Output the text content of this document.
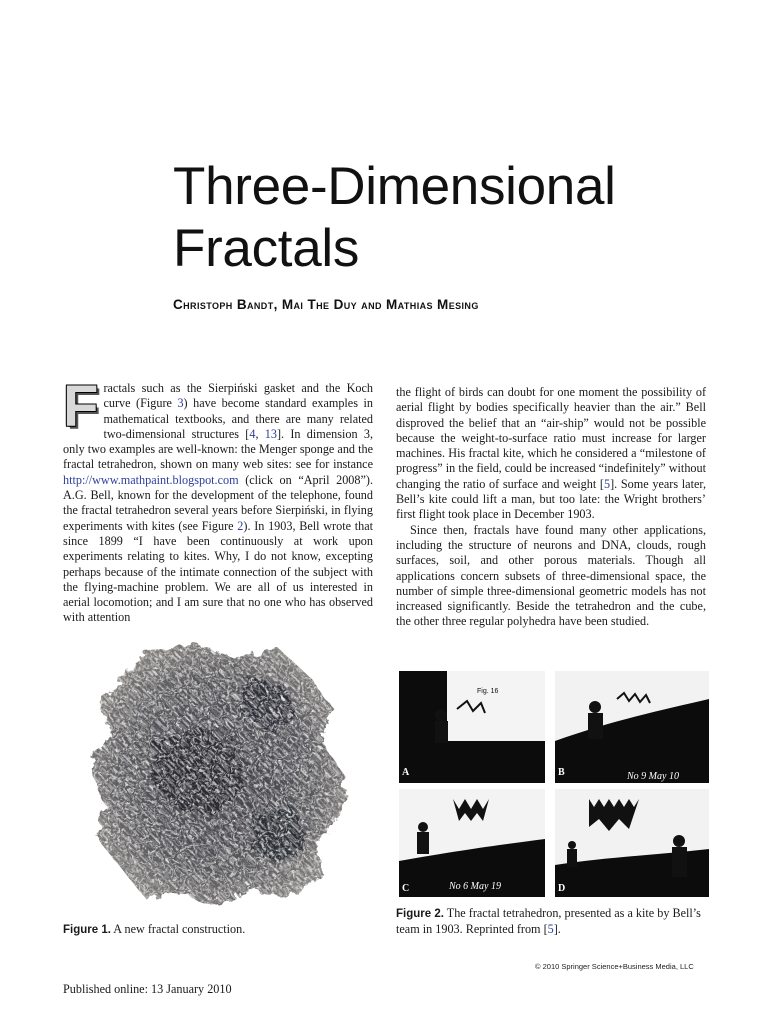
Three-Dimensional
Fractals
Christoph Bandt, Mai The Duy and Mathias Mesing

Fractals such as the Sierpiński gasket and the Koch curve (Figure 3) have become standard examples in mathematical textbooks, and there are many related two-dimensional structures [4, 13]. In dimension 3, only two examples are well-known: the Menger sponge and the fractal tetrahedron, shown on many web sites: see for instance http://www.mathpaint.blogspot.com (click on “April 2008”). A.G. Bell, known for the development of the telephone, found the fractal tetrahedron several years before Sierpiński, in flying experiments with kites (see Figure 2). In 1903, Bell wrote that since 1899 “I have been continuously at work upon experiments relating to kites. Why, I do not know, excepting perhaps because of the intimate connection of the subject with the flying-machine problem. We are all of us interested in aerial locomotion; and I am sure that no one who has observed with attention

the flight of birds can doubt for one moment the possibility of aerial flight by bodies specifically heavier than the air.” Bell disproved the belief that an “air-ship” would not be possible because the weight-to-surface ratio must increase for larger machines. His fractal kite, which he considered a “milestone of progress” in the field, could be increased “indefinitely” without changing the ratio of surface and weight [5]. Some years later, Bell’s kite could lift a man, but too late: the Wright brothers’ first flight took place in December 1903.

Since then, fractals have found many other applications, including the structure of neurons and DNA, clouds, rough surfaces, soil, and other porous materials. Though all applications concern subsets of three-dimensional space, the number of simple three-dimensional geometric models has not increased significantly. Beside the tetrahedron and the cube, the other three regular polyhedra have been studied.

Fig. 16
A	B	No 9 May 10
C	No 6 May 19	D
Figure 1. A new fractal construction.
Figure 2. The fractal tetrahedron, presented as a kite by Bell’s team in 1903. Reprinted from [5].
© 2010 Springer Science+Business Media, LLC
Published online: 13 January 2010
